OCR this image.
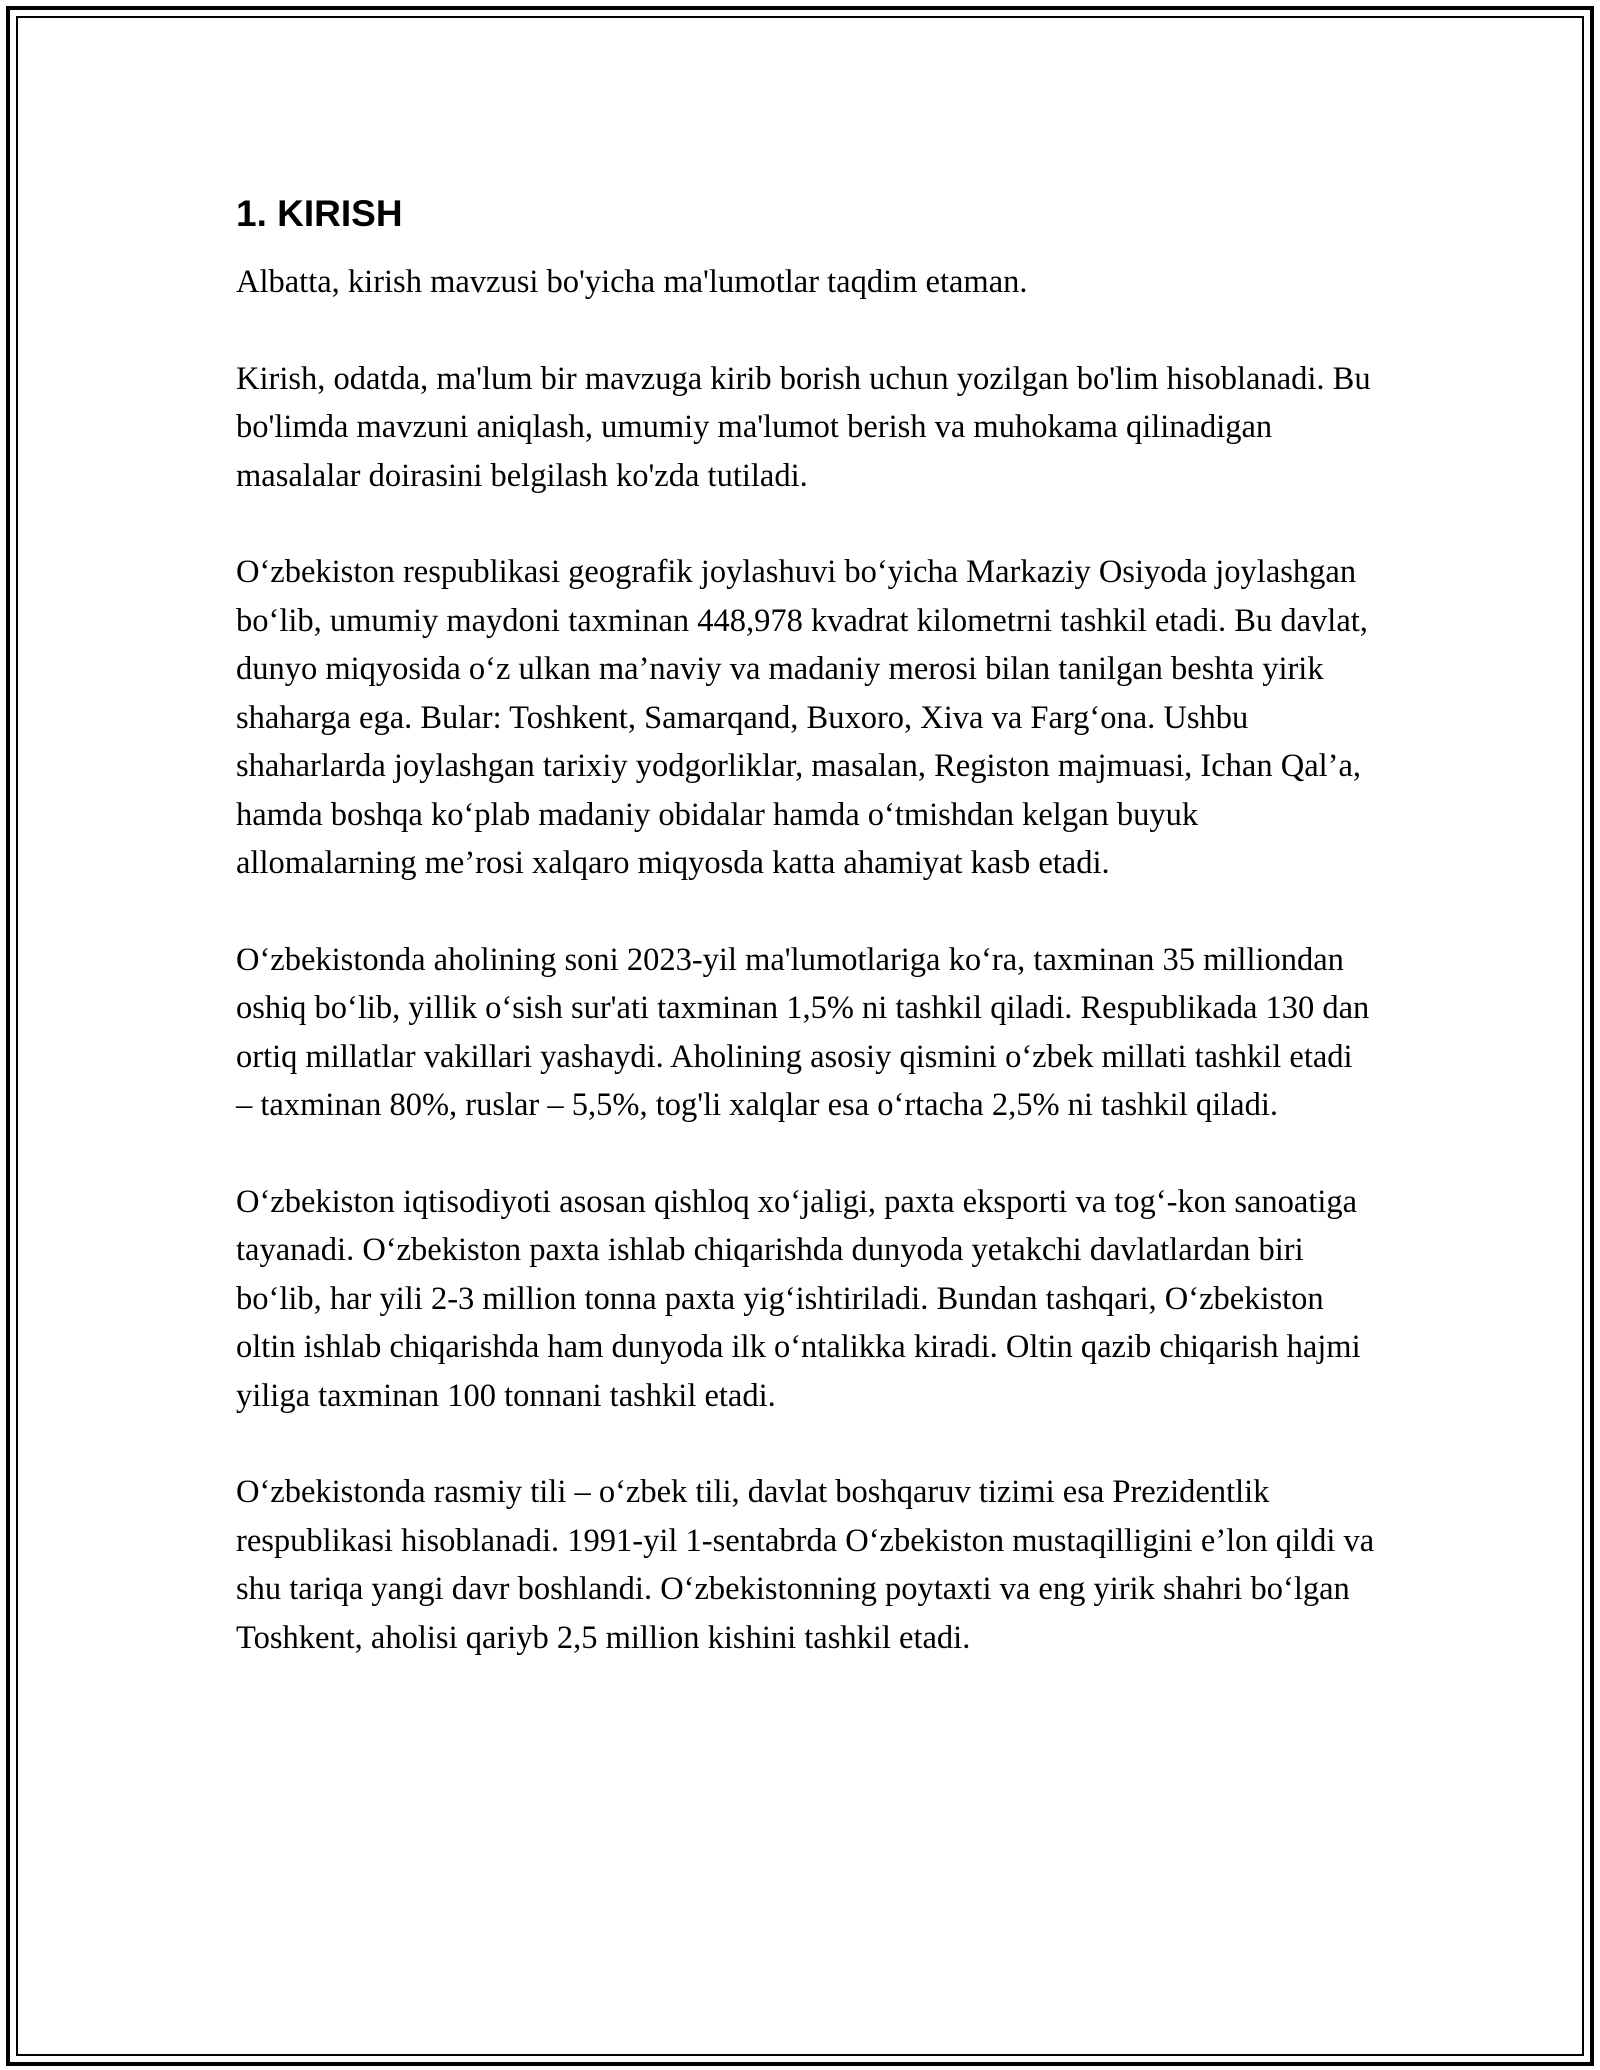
1. KIRISH

Albatta, kirish mavzusi bo'yicha ma'lumotlar taqdim etaman.

Kirish, odatda, ma'lum bir mavzuga kirib borish uchun yozilgan bo'lim hisoblanadi. Bu bo'limda mavzuni aniqlash, umumiy ma'lumot berish va muhokama qilinadigan masalalar doirasini belgilash ko'zda tutiladi.

O‘zbekiston respublikasi geografik joylashuvi bo‘yicha Markaziy Osiyoda joylashgan bo‘lib, umumiy maydoni taxminan 448,978 kvadrat kilometrni tashkil etadi. Bu davlat, dunyo miqyosida o‘z ulkan ma’naviy va madaniy merosi bilan tanilgan beshta yirik shaharga ega. Bular: Toshkent, Samarqand, Buxoro, Xiva va Farg‘ona. Ushbu shaharlarda joylashgan tarixiy yodgorliklar, masalan, Registon majmuasi, Ichan Qal’a, hamda boshqa ko‘plab madaniy obidalar hamda o‘tmishdan kelgan buyuk allomalarning me’rosi xalqaro miqyosda katta ahamiyat kasb etadi.

O‘zbekistonda aholining soni 2023-yil ma'lumotlariga ko‘ra, taxminan 35 milliondan oshiq bo‘lib, yillik o‘sish sur'ati taxminan 1,5% ni tashkil qiladi. Respublikada 130 dan ortiq millatlar vakillari yashaydi. Aholining asosiy qismini o‘zbek millati tashkil etadi – taxminan 80%, ruslar – 5,5%, tog'li xalqlar esa o‘rtacha 2,5% ni tashkil qiladi.

O‘zbekiston iqtisodiyoti asosan qishloq xo‘jaligi, paxta eksporti va tog‘-kon sanoatiga tayanadi. O‘zbekiston paxta ishlab chiqarishda dunyoda yetakchi davlatlardan biri bo‘lib, har yili 2-3 million tonna paxta yig‘ishtiriladi. Bundan tashqari, O‘zbekiston oltin ishlab chiqarishda ham dunyoda ilk o‘ntalikka kiradi. Oltin qazib chiqarish hajmi yiliga taxminan 100 tonnani tashkil etadi.

O‘zbekistonda rasmiy tili – o‘zbek tili, davlat boshqaruv tizimi esa Prezidentlik respublikasi hisoblanadi. 1991-yil 1-sentabrda O‘zbekiston mustaqilligini e’lon qildi va shu tariqa yangi davr boshlandi. O‘zbekistonning poytaxti va eng yirik shahri bo‘lgan Toshkent, aholisi qariyb 2,5 million kishini tashkil etadi.
